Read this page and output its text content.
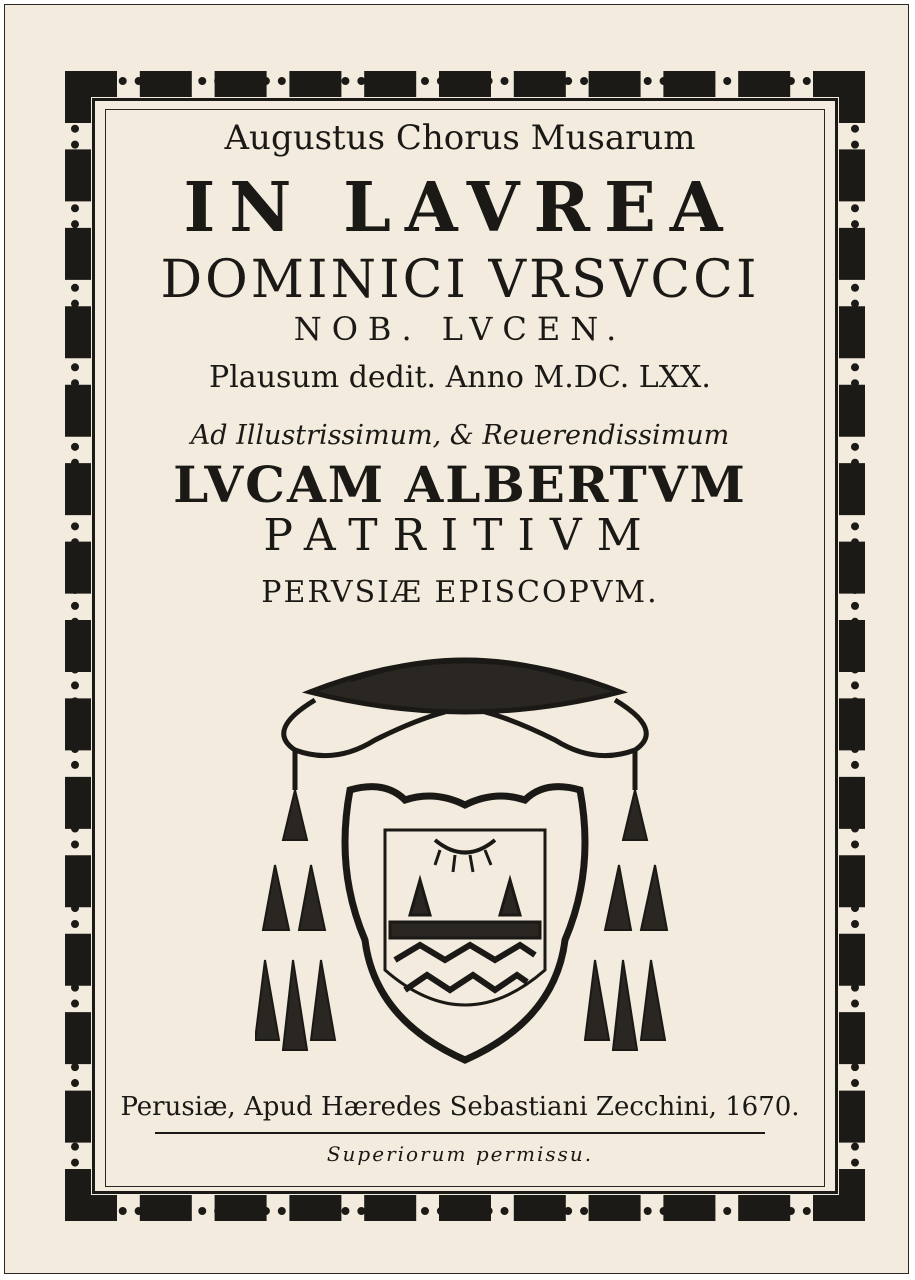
Augustus Chorus Musarum
IN LAVREA
DOMINICI VRSVCCI
NOB. LVCEN.
Plausum dedit. Anno M.DC. LXX.
Ad Illustrissimum, & Reuerendissimum
LVCAM ALBERTVM
PATRITIVM
PERVSIÆ EPISCOPVM.
Perusiæ, Apud Hæredes Sebastiani Zecchini, 1670.
Superiorum permissu.
